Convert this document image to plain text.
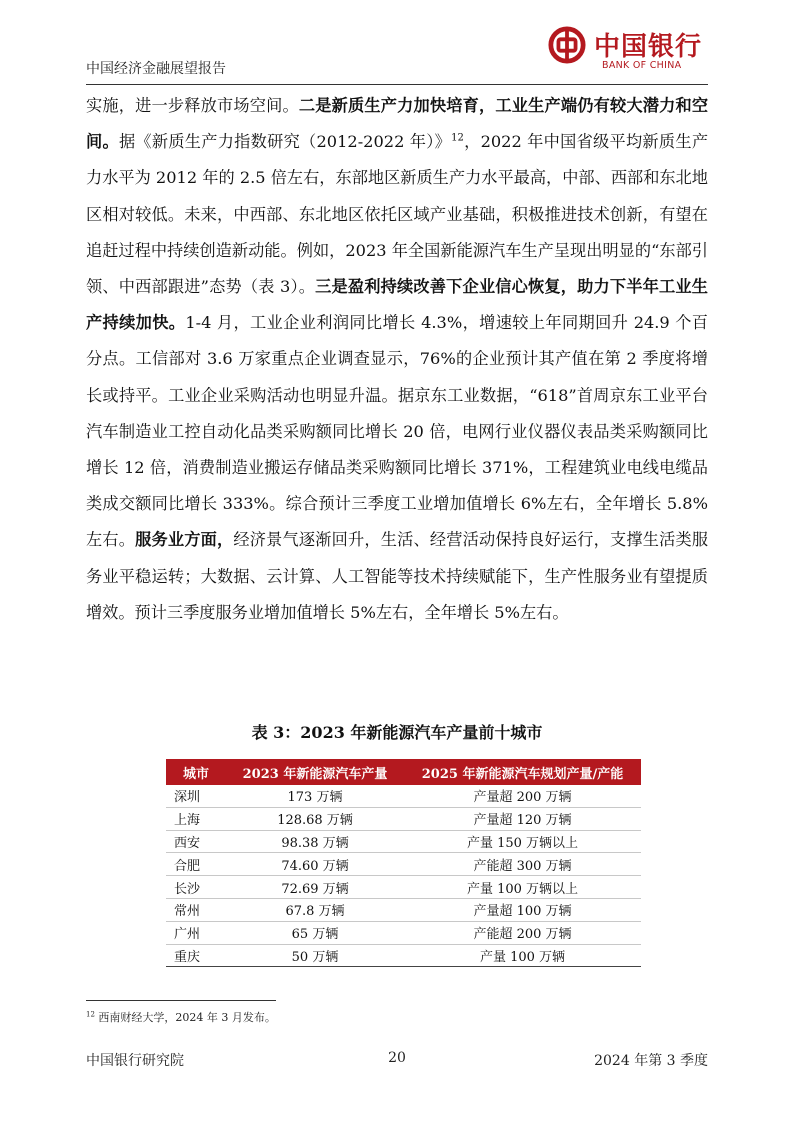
中国经济金融展望报告
中国银行
BANK OF CHINA

实施，进一步释放市场空间。二是新质生产力加快培育，工业生产端仍有较大潜力和空间。据《新质生产力指数研究（2012-2022 年）》$^{12}$，2022 年中国省级平均新质生产力水平为 2012 年的 2.5 倍左右，东部地区新质生产力水平最高，中部、西部和东北地区相对较低。未来，中西部、东北地区依托区域产业基础，积极推进技术创新，有望在追赶过程中持续创造新动能。例如，2023 年全国新能源汽车生产呈现出明显的“东部引领、中西部跟进”态势（表 3）。三是盈利持续改善下企业信心恢复，助力下半年工业生产持续加快。1-4 月，工业企业利润同比增长 4.3%，增速较上年同期回升 24.9 个百分点。工信部对 3.6 万家重点企业调查显示，76%的企业预计其产值在第 2 季度将增长或持平。工业企业采购活动也明显升温。据京东工业数据，“618”首周京东工业平台汽车制造业工控自动化品类采购额同比增长 20 倍，电网行业仪器仪表品类采购额同比增长 12 倍，消费制造业搬运存储品类采购额同比增长 371%，工程建筑业电线电缆品类成交额同比增长 333%。综合预计三季度工业增加值增长 6%左右，全年增长 5.8%左右。服务业方面，经济景气逐渐回升，生活、经营活动保持良好运行，支撑生活类服务业平稳运转；大数据、云计算、人工智能等技术持续赋能下，生产性服务业有望提质增效。预计三季度服务业增加值增长 5%左右，全年增长 5%左右。

表 3：2023 年新能源汽车产量前十城市
城市	2023 年新能源汽车产量	2025 年新能源汽车规划产量/产能
深圳	173 万辆	产量超 200 万辆
上海	128.68 万辆	产量超 120 万辆
西安	98.38 万辆	产量 150 万辆以上
合肥	74.60 万辆	产能超 300 万辆
长沙	72.69 万辆	产量 100 万辆以上
常州	67.8 万辆	产量超 100 万辆
广州	65 万辆	产能超 200 万辆
重庆	50 万辆	产量 100 万辆
$^{12}$ 西南财经大学，2024 年 3 月发布。
中国银行研究院	20	2024 年第 3 季度
